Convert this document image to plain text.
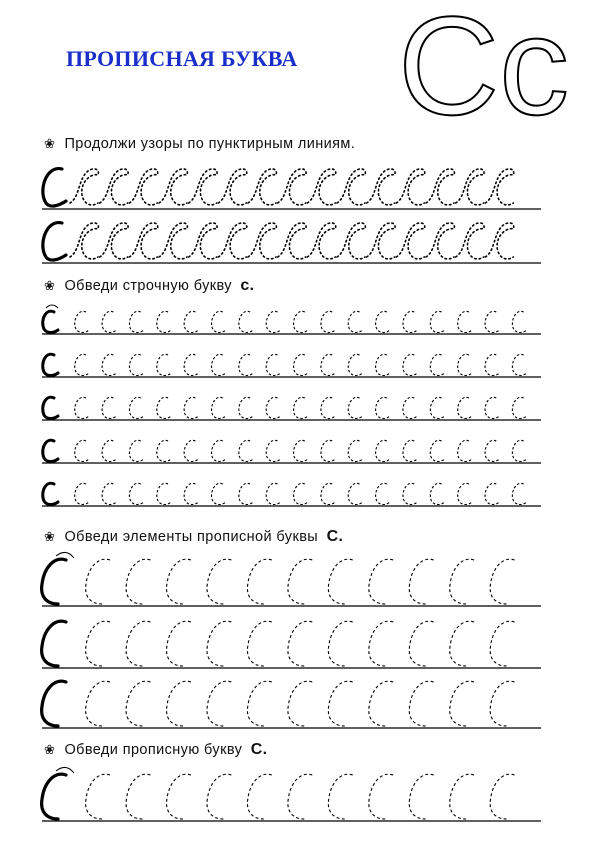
ПРОПИСНАЯ БУКВА Сс
❀ Продолжи узоры по пунктирным линиям.
❀ Обведи строчную букву с.
❀ Обведи элементы прописной буквы С.
❀ Обведи прописную букву С.
